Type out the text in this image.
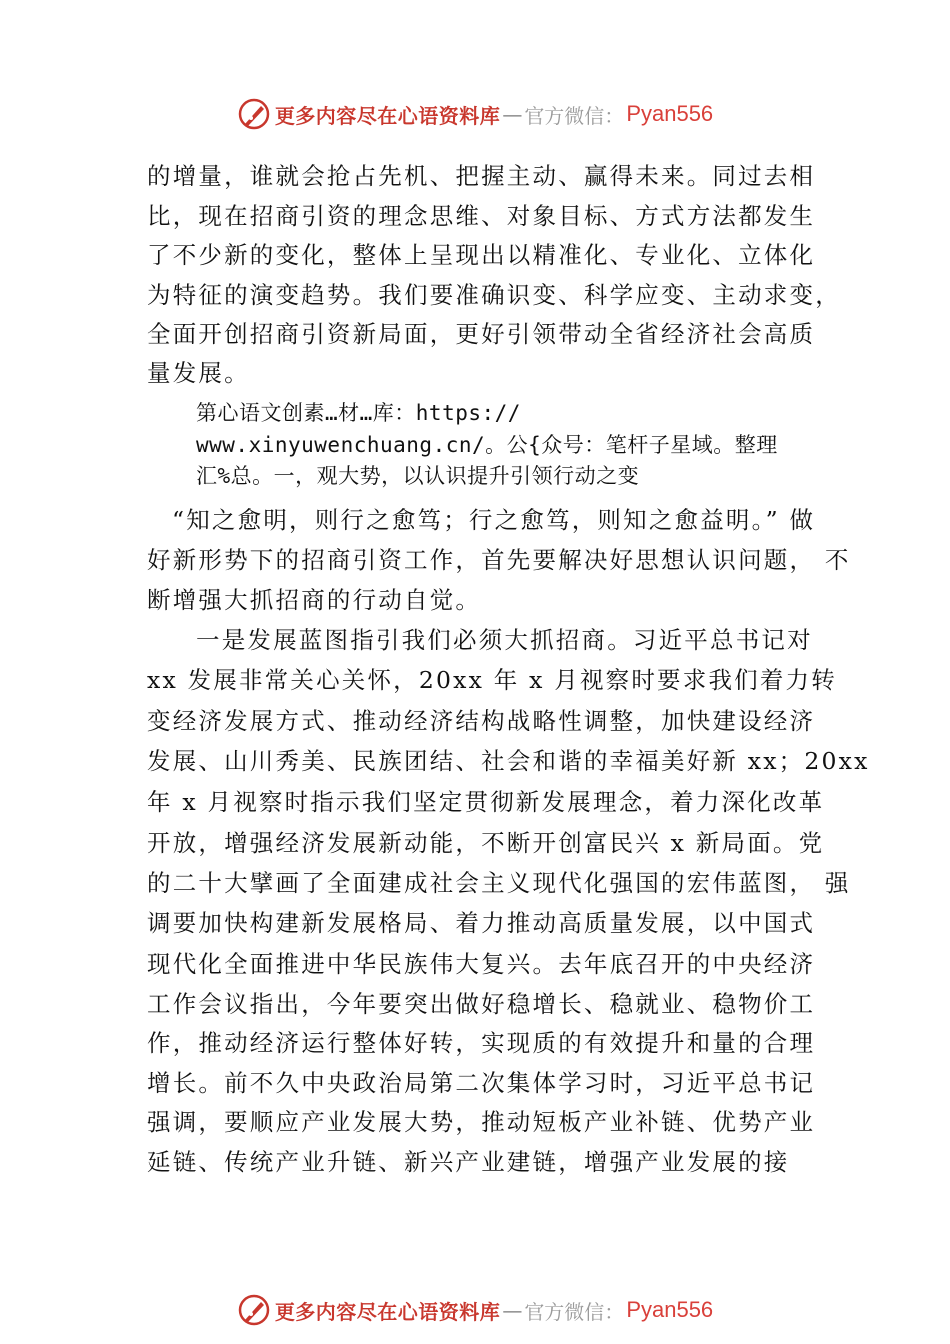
更多内容尽在心语资料库 — 官方微信： Pyan556
的增量，谁就会抢占先机、把握主动、赢得未来。同过去相
比，现在招商引资的理念思维、对象目标、方式方法都发生
了不少新的变化，整体上呈现出以精准化、专业化、立体化
为特征的演变趋势。我们要准确识变、科学应变、主动求变，
全面开创招商引资新局面，更好引领带动全省经济社会高质
量发展。
第心语文创素…材…库：https://
www.xinyuwenchuang.cn/。公{众号：笔杆子星域。整理
汇%总。一，观大势，以认识提升引领行动之变
“知之愈明，则行之愈笃；行之愈笃，则知之愈益明。” 做
好新形势下的招商引资工作，首先要解决好思想认识问题， 不
断增强大抓招商的行动自觉。
一是发展蓝图指引我们必须大抓招商。习近平总书记对
xx 发展非常关心关怀，20xx 年 x 月视察时要求我们着力转
变经济发展方式、推动经济结构战略性调整，加快建设经济
发展、山川秀美、民族团结、社会和谐的幸福美好新 xx；20xx
年 x 月视察时指示我们坚定贯彻新发展理念，着力深化改革
开放，增强经济发展新动能，不断开创富民兴 x 新局面。党
的二十大擘画了全面建成社会主义现代化强国的宏伟蓝图， 强
调要加快构建新发展格局、着力推动高质量发展，以中国式
现代化全面推进中华民族伟大复兴。去年底召开的中央经济
工作会议指出，今年要突出做好稳增长、稳就业、稳物价工
作，推动经济运行整体好转，实现质的有效提升和量的合理
增长。前不久中央政治局第二次集体学习时，习近平总书记
强调，要顺应产业发展大势，推动短板产业补链、优势产业
延链、传统产业升链、新兴产业建链，增强产业发展的接
更多内容尽在心语资料库 — 官方微信： Pyan556
